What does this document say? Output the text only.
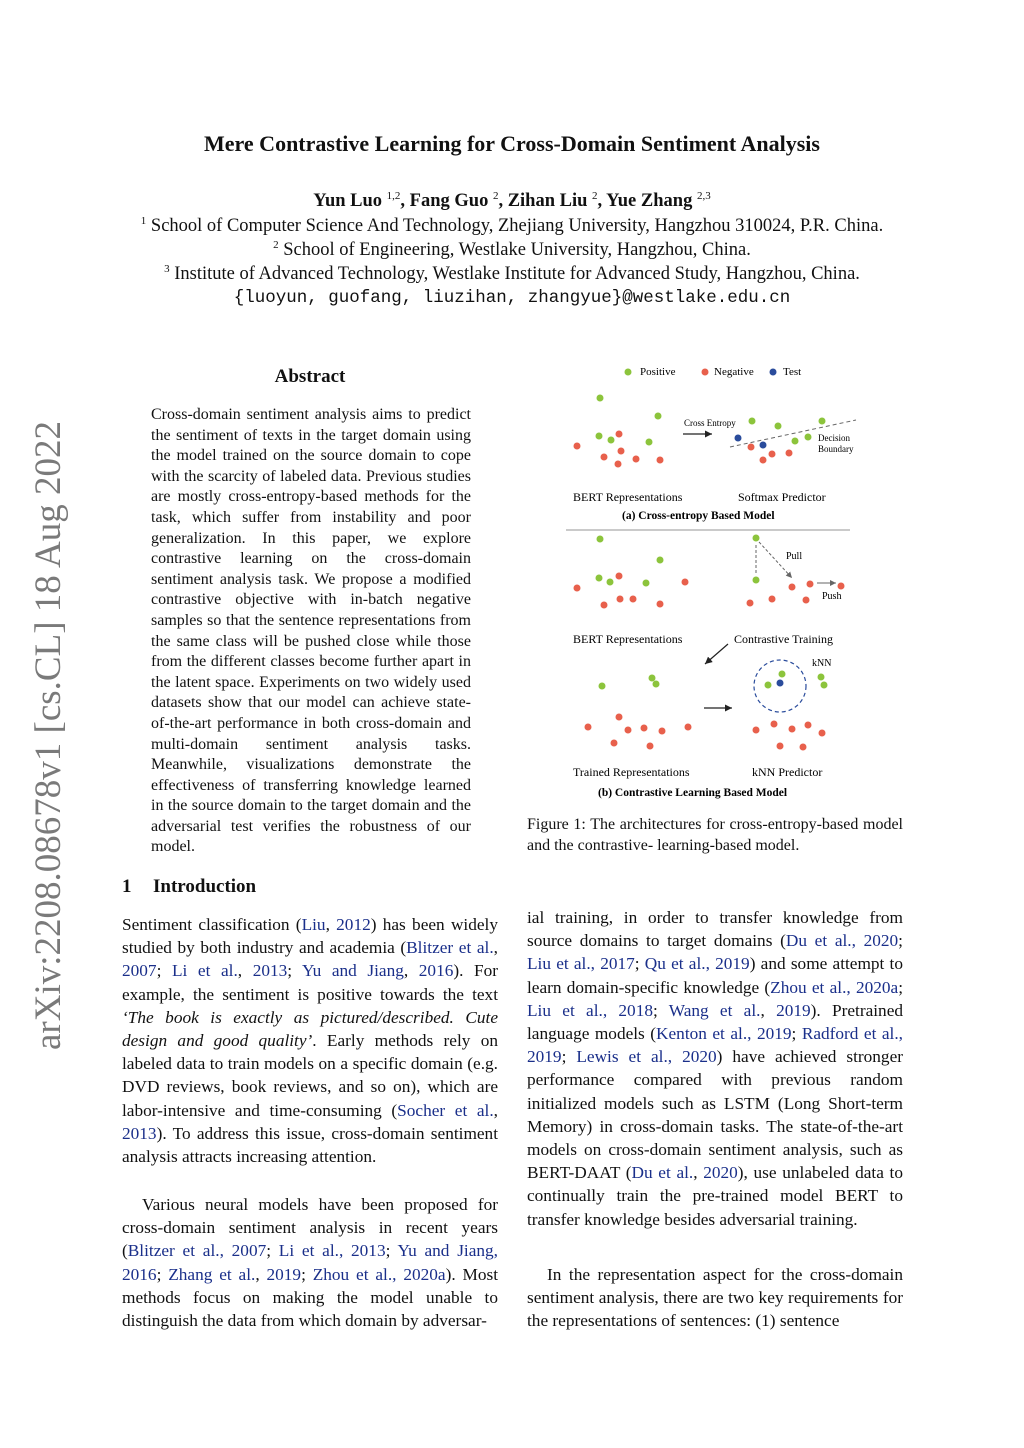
Mere Contrastive Learning for Cross-Domain Sentiment Analysis
Yun Luo $^{1,2}$, Fang Guo $^2$, Zihan Liu $^2$, Yue Zhang $^{2,3}$
$^1$ School of Computer Science And Technology, Zhejiang University, Hangzhou 310024, P.R. China.
$^2$ School of Engineering, Westlake University, Hangzhou, China.
$^3$ Institute of Advanced Technology, Westlake Institute for Advanced Study, Hangzhou, China.
{luoyun, guofang, liuzihan, zhangyue}@westlake.edu.cn
arXiv:2208.08678v1 [cs.CL] 18 Aug 2022
Abstract
Cross-domain sentiment analysis aims to predict the sentiment of texts in the target domain using the model trained on the source domain to cope with the scarcity of labeled data. Previous studies are mostly cross-entropy-based methods for the task, which suffer from instability and poor generalization. In this paper, we explore contrastive learning on the cross-domain sentiment analysis task. We propose a modified contrastive objective with in-batch negative samples so that the sentence representations from the same class will be pushed close while those from the different classes become further apart in the latent space. Experiments on two widely used datasets show that our model can achieve state-of-the-art performance in both cross-domain and multi-domain sentiment analysis tasks. Meanwhile, visualizations demonstrate the effectiveness of transferring knowledge learned in the source domain to the target domain and the adversarial test verifies the robustness of our model.
1 Introduction
Sentiment classification (Liu, 2012) has been widely studied by both industry and academia (Blitzer et al., 2007; Li et al., 2013; Yu and Jiang, 2016). For example, the sentiment is positive towards the text ‘The book is exactly as pictured/described. Cute design and good quality’. Early methods rely on labeled data to train models on a specific domain (e.g. DVD reviews, book reviews, and so on), which are labor-intensive and time-consuming (Socher et al., 2013). To address this issue, cross-domain sentiment analysis attracts increasing attention.
Various neural models have been proposed for cross-domain sentiment analysis in recent years (Blitzer et al., 2007; Li et al., 2013; Yu and Jiang, 2016; Zhang et al., 2019; Zhou et al., 2020a). Most methods focus on making the model unable to distinguish the data from which domain by adversar-
ial training, in order to transfer knowledge from source domains to target domains (Du et al., 2020; Liu et al., 2017; Qu et al., 2019) and some attempt to learn domain-specific knowledge (Zhou et al., 2020a; Liu et al., 2018; Wang et al., 2019). Pretrained language models (Kenton et al., 2019; Radford et al., 2019; Lewis et al., 2020) have achieved stronger performance compared with previous random initialized models such as LSTM (Long Short-term Memory) in cross-domain tasks. The state-of-the-art models on cross-domain sentiment analysis, such as BERT-DAAT (Du et al., 2020), use unlabeled data to continually train the pre-trained model BERT to transfer knowledge besides adversarial training.
In the representation aspect for the cross-domain sentiment analysis, there are two key requirements for the representations of sentences: (1) sentence
Positive	Negative	Test
Cross Entropy
Decision
Boundary
BERT Representations	Softmax Predictor
(a) Cross-entropy Based Model
Pull
Push
BERT Representations	Contrastive Training
kNN
Trained Representations	kNN Predictor
(b) Contrastive Learning Based Model
Figure 1: The architectures for cross-entropy-based model and the contrastive- learning-based model.
